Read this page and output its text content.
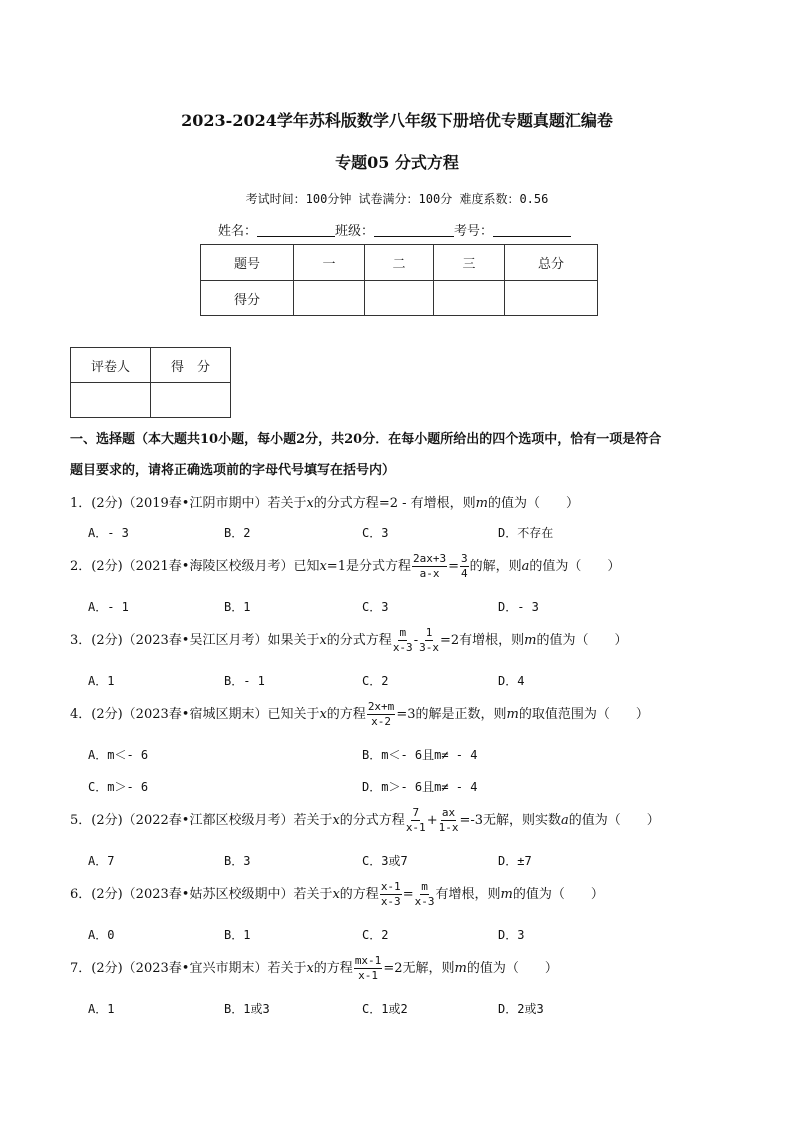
2023-2024学年苏科版数学八年级下册培优专题真题汇编卷
专题05 分式方程
考试时间：100分钟 试卷满分：100分 难度系数：0.56
姓名：	班级：	考号：
题号	一	二	三	总分
得分				
评卷人	得　分

一、选择题（本大题共10小题，每小题2分，共20分．在每小题所给出的四个选项中，恰有一项是符合
题目要求的，请将正确选项前的字母代号填写在括号内）
1．(2分)（2019春•江阴市期中）若关于x的分式方程=2 - 有增根，则m的值为（　　）
A．- 3	B．2	C．3	D．不存在
2．(2分)（2021春•海陵区校级月考）已知x=1是分式方程 $\frac{2ax+3}{a-x} = \frac{3}{4}$ 的解，则a的值为（　　）
A．- 1	B．1	C．3	D．- 3
3．(2分)（2023春•吴江区月考）如果关于x的分式方程 $\frac{m}{x-3} - \frac{1}{3-x} =2$有增根，则m的值为（　　）
A．1	B．- 1	C．2	D．4
4．(2分)（2023春•宿城区期末）已知关于x的方程 $\frac{2x+m}{x-2} =3$的解是正数，则m的取值范围为（　　）
A．m＜- 6	B．m＜- 6且m≠ - 4
C．m＞- 6	D．m＞- 6且m≠ - 4
5．(2分)（2022春•江都区校级月考）若关于x的分式方程 $\frac{7}{x-1} + \frac{ax}{1-x} =-3$无解，则实数a的值为（　　）
A．7	B．3	C．3或7	D．±7
6．(2分)（2023春•姑苏区校级期中）若关于x的方程 $\frac{x-1}{x-3} = \frac{m}{x-3}$ 有增根，则m的值为（　　）
A．0	B．1	C．2	D．3
7．(2分)（2023春•宜兴市期末）若关于x的方程 $\frac{mx-1}{x-1} =2$无解，则m的值为（　　）
A．1	B．1或3	C．1或2	D．2或3
